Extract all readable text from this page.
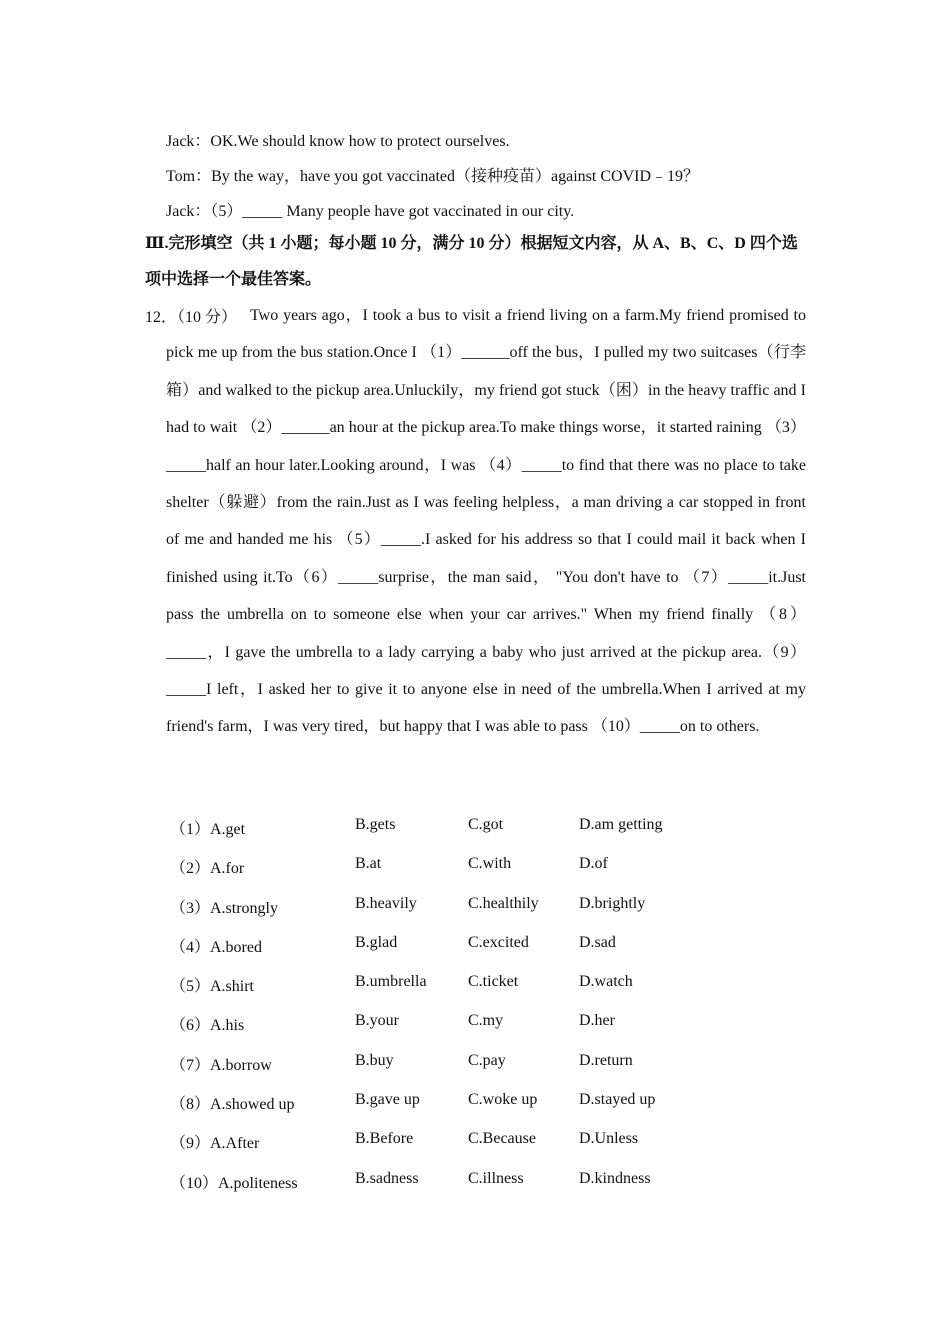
Jack：OK.We should know how to protect ourselves.
Tom：By the way，have you got vaccinated（接种疫苗）against COVID﹣19？
Jack：（5）_____ Many people have got vaccinated in our city.
Ⅲ.完形填空（共 1 小题；每小题 10 分，满分 10 分）根据短文内容，从 A、B、C、D 四个选项中选择一个最佳答案。
12．（10 分） Two years ago，I took a bus to visit a friend living on a farm.My friend promised to pick me up from the bus station.Once I （1）______off the bus，I pulled my two suitcases（行李箱）and walked to the pickup area.Unluckily，my friend got stuck（困）in the heavy traffic and I had to wait （2）______an hour at the pickup area.To make things worse，it started raining （3）_____half an hour later.Looking around，I was （4）_____to find that there was no place to take shelter（躲避）from the rain.Just as I was feeling helpless，a man driving a car stopped in front of me and handed me his （5）_____.I asked for his address so that I could mail it back when I finished using it.To（6）_____surprise，the man said， "You don't have to （7）_____it.Just pass the umbrella on to someone else when your car arrives." When my friend finally （8）_____，I gave the umbrella to a lady carrying a baby who just arrived at the pickup area.（9）_____I left，I asked her to give it to anyone else in need of the umbrella.When I arrived at my friend's farm，I was very tired，but happy that I was able to pass （10）_____on to others.
（1）A.get	B.gets	C.got	D.am getting
（2）A.for	B.at	C.with	D.of
（3）A.strongly	B.heavily	C.healthily	D.brightly
（4）A.bored	B.glad	C.excited	D.sad
（5）A.shirt	B.umbrella	C.ticket	D.watch
（6）A.his	B.your	C.my	D.her
（7）A.borrow	B.buy	C.pay	D.return
（8）A.showed up	B.gave up	C.woke up	D.stayed up
（9）A.After	B.Before	C.Because	D.Unless
（10）A.politeness	B.sadness	C.illness	D.kindness
